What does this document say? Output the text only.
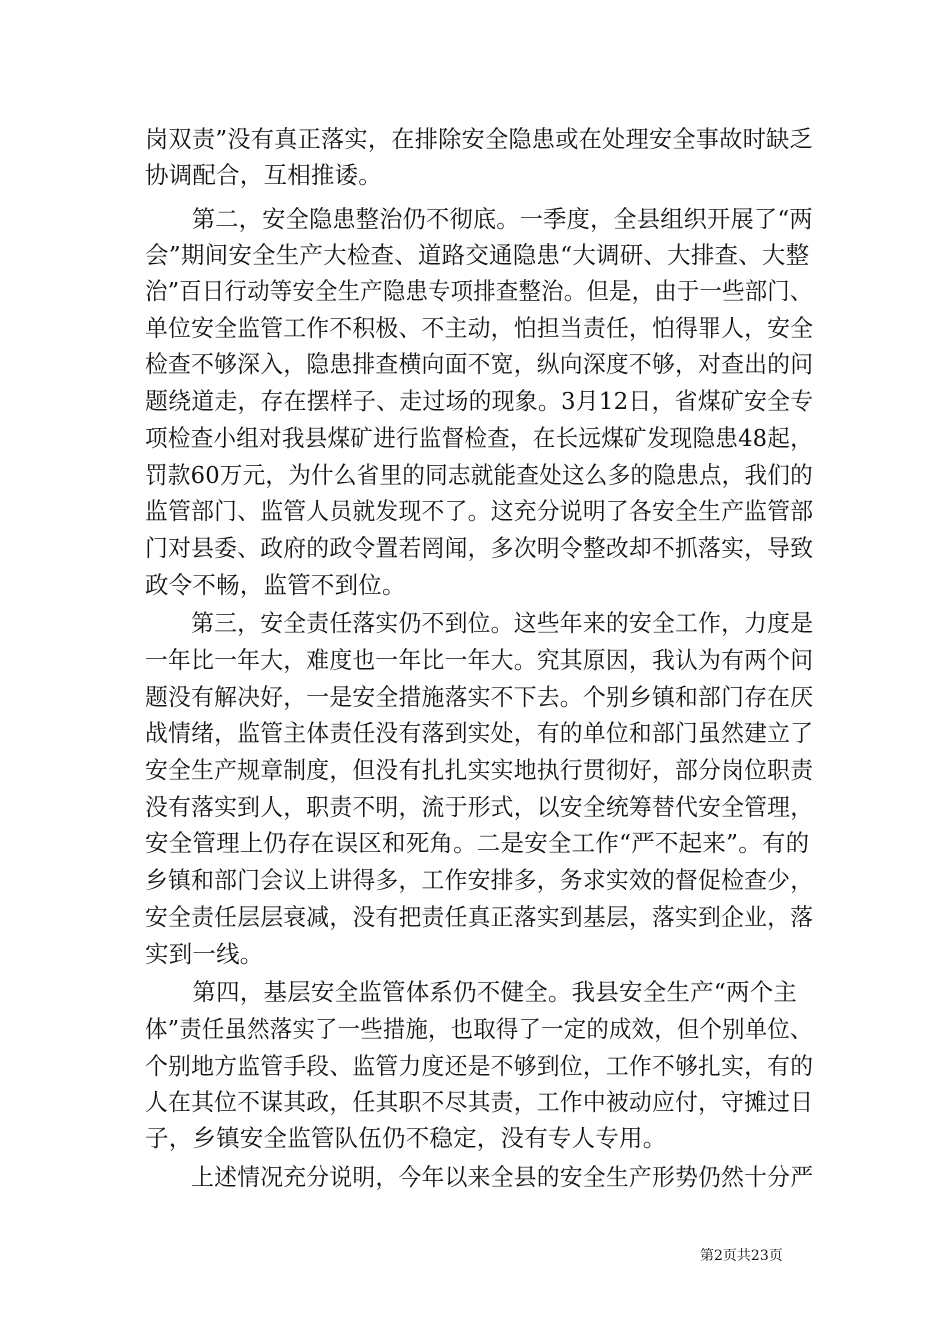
岗双责”没有真正落实，在排除安全隐患或在处理安全事故时缺乏
协调配合，互相推诿。
　　第二，安全隐患整治仍不彻底。一季度，全县组织开展了“两
会”期间安全生产大检查、道路交通隐患“大调研、大排查、大整
治”百日行动等安全生产隐患专项排查整治。但是，由于一些部门、
单位安全监管工作不积极、不主动，怕担当责任，怕得罪人，安全
检查不够深入，隐患排查横向面不宽，纵向深度不够，对查出的问
题绕道走，存在摆样子、走过场的现象。3月12日，省煤矿安全专
项检查小组对我县煤矿进行监督检查，在长远煤矿发现隐患48起，
罚款60万元，为什么省里的同志就能查处这么多的隐患点，我们的
监管部门、监管人员就发现不了。这充分说明了各安全生产监管部
门对县委、政府的政令置若罔闻，多次明令整改却不抓落实，导致
政令不畅，监管不到位。
　　第三，安全责任落实仍不到位。这些年来的安全工作，力度是
一年比一年大，难度也一年比一年大。究其原因，我认为有两个问
题没有解决好，一是安全措施落实不下去。个别乡镇和部门存在厌
战情绪，监管主体责任没有落到实处，有的单位和部门虽然建立了
安全生产规章制度，但没有扎扎实实地执行贯彻好，部分岗位职责
没有落实到人，职责不明，流于形式，以安全统筹替代安全管理，
安全管理上仍存在误区和死角。二是安全工作“严不起来”。有的
乡镇和部门会议上讲得多，工作安排多，务求实效的督促检查少，
安全责任层层衰减，没有把责任真正落实到基层，落实到企业，落
实到一线。
　　第四，基层安全监管体系仍不健全。我县安全生产“两个主
体”责任虽然落实了一些措施，也取得了一定的成效，但个别单位、
个别地方监管手段、监管力度还是不够到位，工作不够扎实，有的
人在其位不谋其政，任其职不尽其责，工作中被动应付，守摊过日
子，乡镇安全监管队伍仍不稳定，没有专人专用。
　　上述情况充分说明，今年以来全县的安全生产形势仍然十分严
第2页共23页
